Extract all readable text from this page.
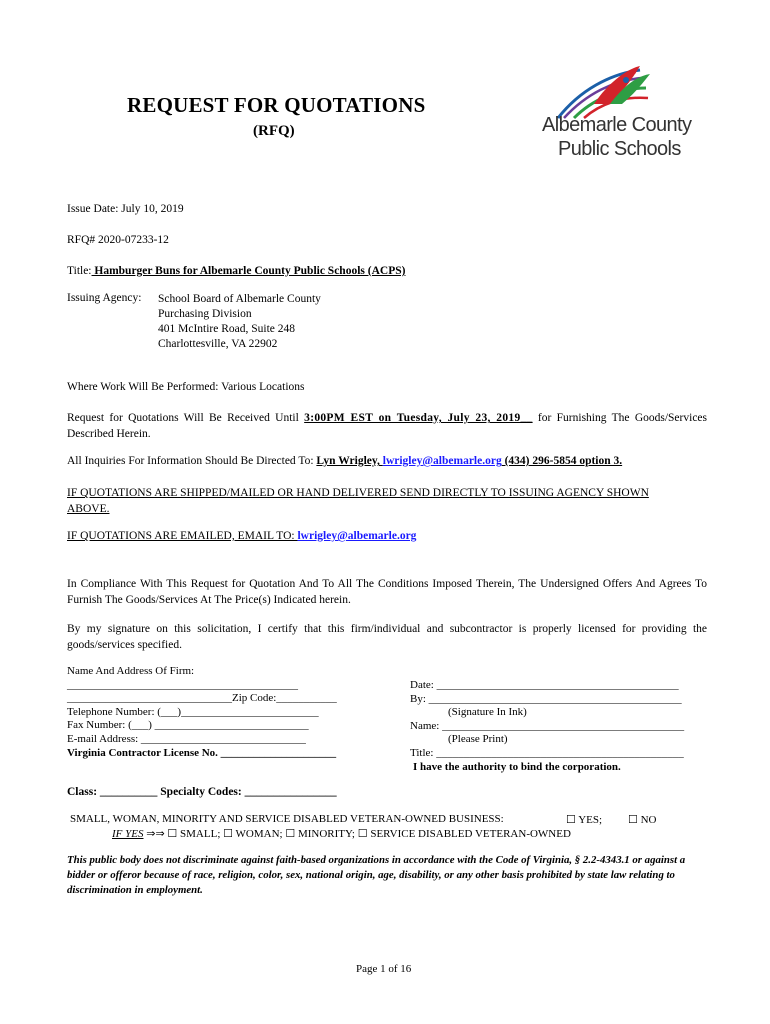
REQUEST FOR QUOTATIONS
(RFQ)	Albemarle County
Public Schools
Issue Date: July 10, 2019
RFQ# 2020-07233-12
Title: Hamburger Buns for Albemarle County Public Schools (ACPS)
Issuing Agency: School Board of Albemarle County
Purchasing Division
401 McIntire Road, Suite 248
Charlottesville, VA 22902
Where Work Will Be Performed: Various Locations
Request for Quotations Will Be Received Until 3:00PM EST on Tuesday, July 23, 2019__ for Furnishing The Goods/Services Described Herein.
All Inquiries For Information Should Be Directed To: Lyn Wrigley, lwrigley@albemarle.org (434) 296-5854 option 3.
IF QUOTATIONS ARE SHIPPED/MAILED OR HAND DELIVERED SEND DIRECTLY TO ISSUING AGENCY SHOWN ABOVE.
IF QUOTATIONS ARE EMAILED, EMAIL TO: lwrigley@albemarle.org
In Compliance With This Request for Quotation And To All The Conditions Imposed Therein, The Undersigned Offers And Agrees To Furnish The Goods/Services At The Price(s) Indicated herein.
By my signature on this solicitation, I certify that this firm/individual and subcontractor is properly licensed for providing the goods/services specified.
Name And Address Of Firm:
__________________________________________
______________________________Zip Code:___________
Telephone Number: (___)_________________________
Fax Number: (___) ____________________________
E-mail Address: ______________________________
Virginia Contractor License No. _____________________
Date: ____________________________________________
By: ______________________________________________
(Signature In Ink)
Name: ____________________________________________
(Please Print)
Title: _____________________________________________
I have the authority to bind the corporation.
Class: __________ Specialty Codes: ________________
SMALL, WOMAN, MINORITY AND SERVICE DISABLED VETERAN-OWNED BUSINESS:	☐ YES; ☐ NO
IF YES ⇒⇒ ☐ SMALL; ☐ WOMAN; ☐ MINORITY; ☐ SERVICE DISABLED VETERAN-OWNED
This public body does not discriminate against faith-based organizations in accordance with the Code of Virginia, § 2.2-4343.1 or against a bidder or offeror because of race, religion, color, sex, national origin, age, disability, or any other basis prohibited by state law relating to discrimination in employment.
Page 1 of 16
